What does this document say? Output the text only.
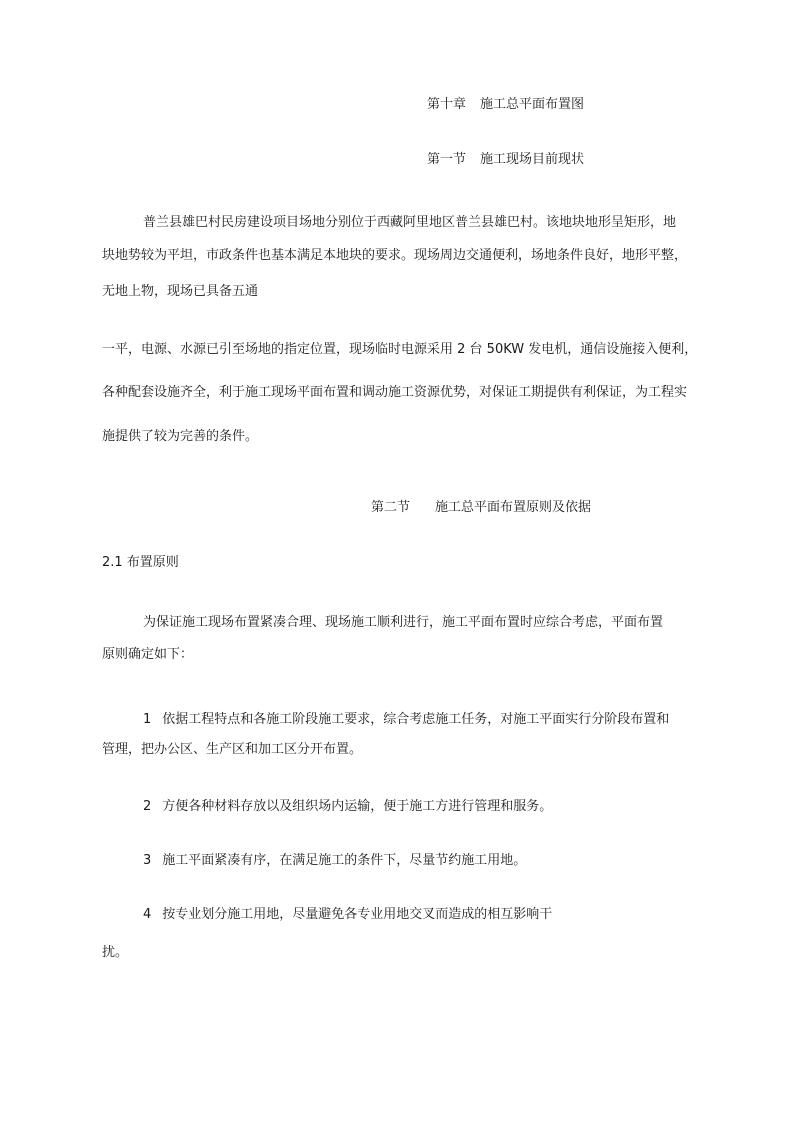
第十章 施工总平面布置图

第一节 施工现场目前现状

普兰县雄巴村民房建设项目场地分别位于西藏阿里地区普兰县雄巴村。该地块地形呈矩形，地

块地势较为平坦，市政条件也基本满足本地块的要求。现场周边交通便利，场地条件良好，地形平整，

无地上物，现场已具备五通

一平，电源、水源已引至场地的指定位置，现场临时电源采用 2 台 50KW 发电机，通信设施接入便利，

各种配套设施齐全，利于施工现场平面布置和调动施工资源优势，对保证工期提供有利保证，为工程实

施提供了较为完善的条件。

第二节 施工总平面布置原则及依据

2.1 布置原则

为保证施工现场布置紧凑合理、现场施工顺利进行，施工平面布置时应综合考虑，平面布置

原则确定如下：

1 依据工程特点和各施工阶段施工要求，综合考虑施工任务，对施工平面实行分阶段布置和

管理，把办公区、生产区和加工区分开布置。

2 方便各种材料存放以及组织场内运输，便于施工方进行管理和服务。

3 施工平面紧凑有序，在满足施工的条件下，尽量节约施工用地。

4 按专业划分施工用地，尽量避免各专业用地交叉而造成的相互影响干

扰。
